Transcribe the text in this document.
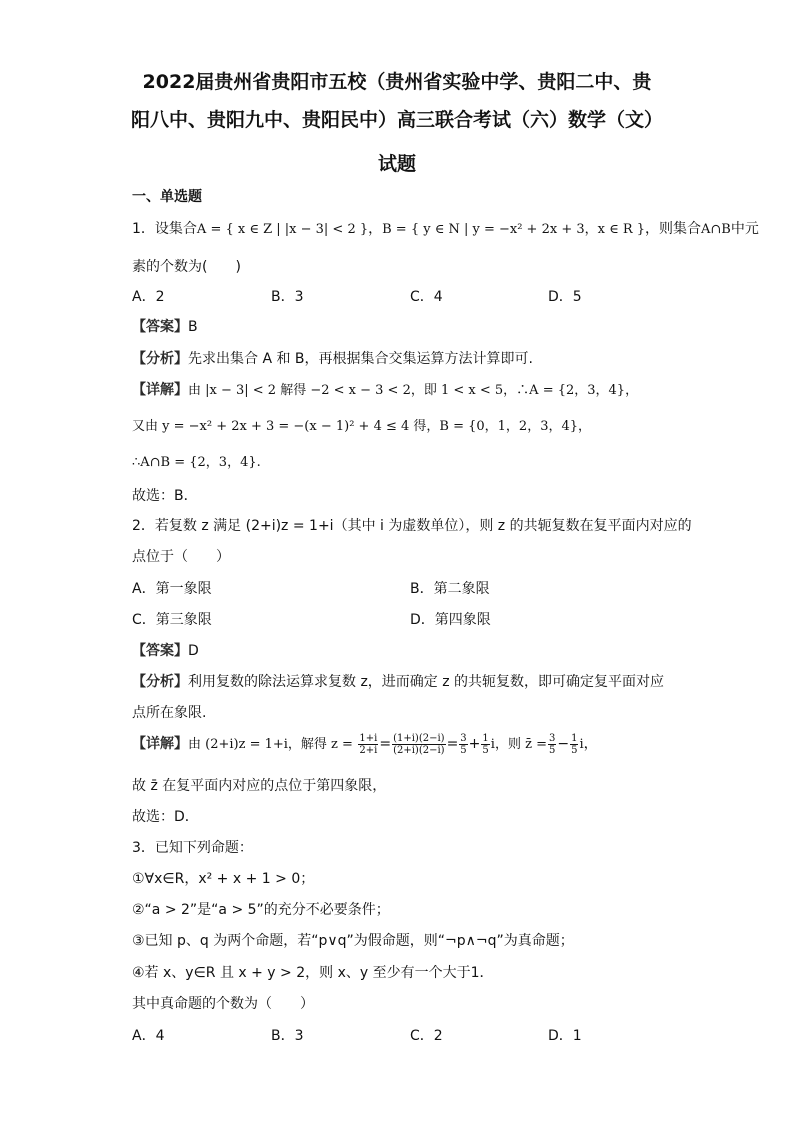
2022届贵州省贵阳市五校（贵州省实验中学、贵阳二中、贵
阳八中、贵阳九中、贵阳民中）高三联合考试（六）数学（文）
试题
一、单选题
1．设集合A = { x ∈ Z | |x − 3| < 2 }，B = { y ∈ N | y = −x² + 2x + 3，x ∈ R }，则集合A∩B中元
素的个数为(　　)
A．2	B．3	C．4	D．5
【答案】B
【分析】先求出集合 A 和 B，再根据集合交集运算方法计算即可.
【详解】由 |x − 3| < 2 解得 −2 < x − 3 < 2，即 1 < x < 5，∴A = {2，3，4}，
又由 y = −x² + 2x + 3 = −(x − 1)² + 4 ≤ 4 得，B = {0，1，2，3，4}，
∴A∩B = {2，3，4}.
故选：B．
2．若复数 z 满足 (2+i)z = 1+i（其中 i 为虚数单位），则 z 的共轭复数在复平面内对应的
点位于（　　）
A．第一象限	B．第二象限
C．第三象限	D．第四象限
【答案】D
【分析】利用复数的除法运算求复数 z，进而确定 z 的共轭复数，即可确定复平面对应
点所在象限.
【详解】由 (2+i)z = 1+i，解得 $z = \frac{1+i}{2+i} = \frac{(1+i)(2-i)}{(2+i)(2-i)} = \frac{3}{5} + \frac{1}{5}$ i，则 z̄ = $\frac{3}{5} - \frac{1}{5}$ i，
故 z̄ 在复平面内对应的点位于第四象限，
故选：D．
3．已知下列命题：
①∀x∈R，x² + x + 1 > 0；
②“a > 2”是“a > 5”的充分不必要条件；
③已知 p、q 为两个命题，若“p∨q”为假命题，则“¬p∧¬q”为真命题；
④若 x、y∈R 且 x + y > 2，则 x、y 至少有一个大于1．
其中真命题的个数为（　　）
A．4	B．3	C．2	D．1
